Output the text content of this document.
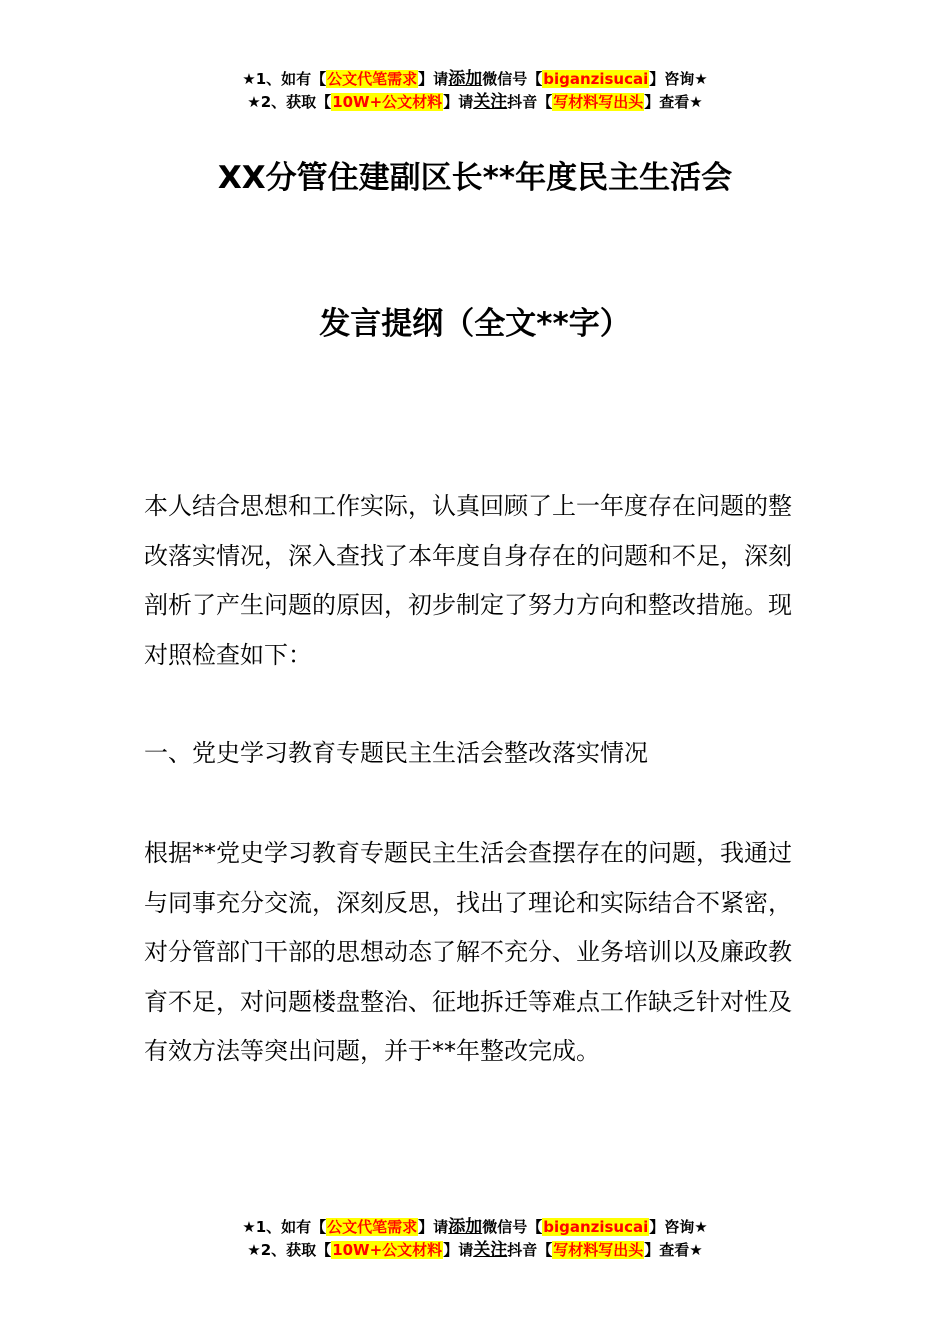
★1、如有【公文代笔需求】请添加微信号【biganzisucai】咨询★
★2、获取【10W+公文材料】请关注抖音【写材料写出头】查看★
XX分管住建副区长**年度民主生活会
发言提纲（全文**字）

本人结合思想和工作实际，认真回顾了上一年度存在问题的整改落实情况，深入查找了本年度自身存在的问题和不足，深刻剖析了产生问题的原因，初步制定了努力方向和整改措施。现对照检查如下：

一、党史学习教育专题民主生活会整改落实情况

根据**党史学习教育专题民主生活会查摆存在的问题，我通过与同事充分交流，深刻反思，找出了理论和实际结合不紧密，对分管部门干部的思想动态了解不充分、业务培训以及廉政教育不足，对问题楼盘整治、征地拆迁等难点工作缺乏针对性及有效方法等突出问题，并于**年整改完成。

★1、如有【公文代笔需求】请添加微信号【biganzisucai】咨询★
★2、获取【10W+公文材料】请关注抖音【写材料写出头】查看★
